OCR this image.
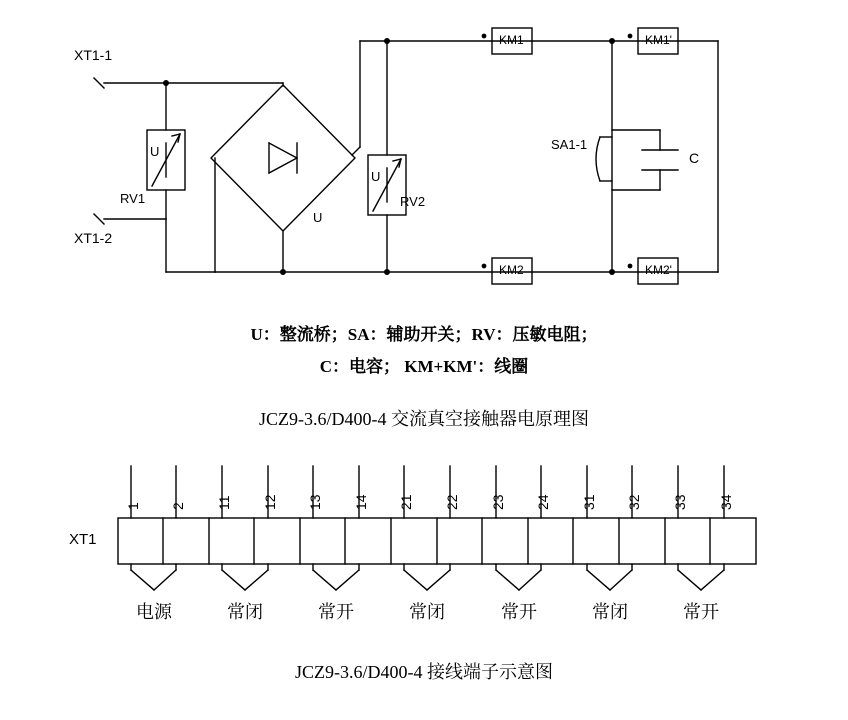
XT1-1
XT1-2
U
RV1
U
RV2
U
KM1
KM2
KM1'
KM2'
SA1-1
C
U：整流桥；SA：辅助开关；RV：压敏电阻；
C：电容； KM+KM'：线圈
JCZ9-3.6/D400-4 交流真空接触器电原理图
XT1
1 2 11 12 13 14 21 22 23 24 31 32 33 34
电源	常闭	常开	常闭	常开	常闭	常开
JCZ9-3.6/D400-4 接线端子示意图
